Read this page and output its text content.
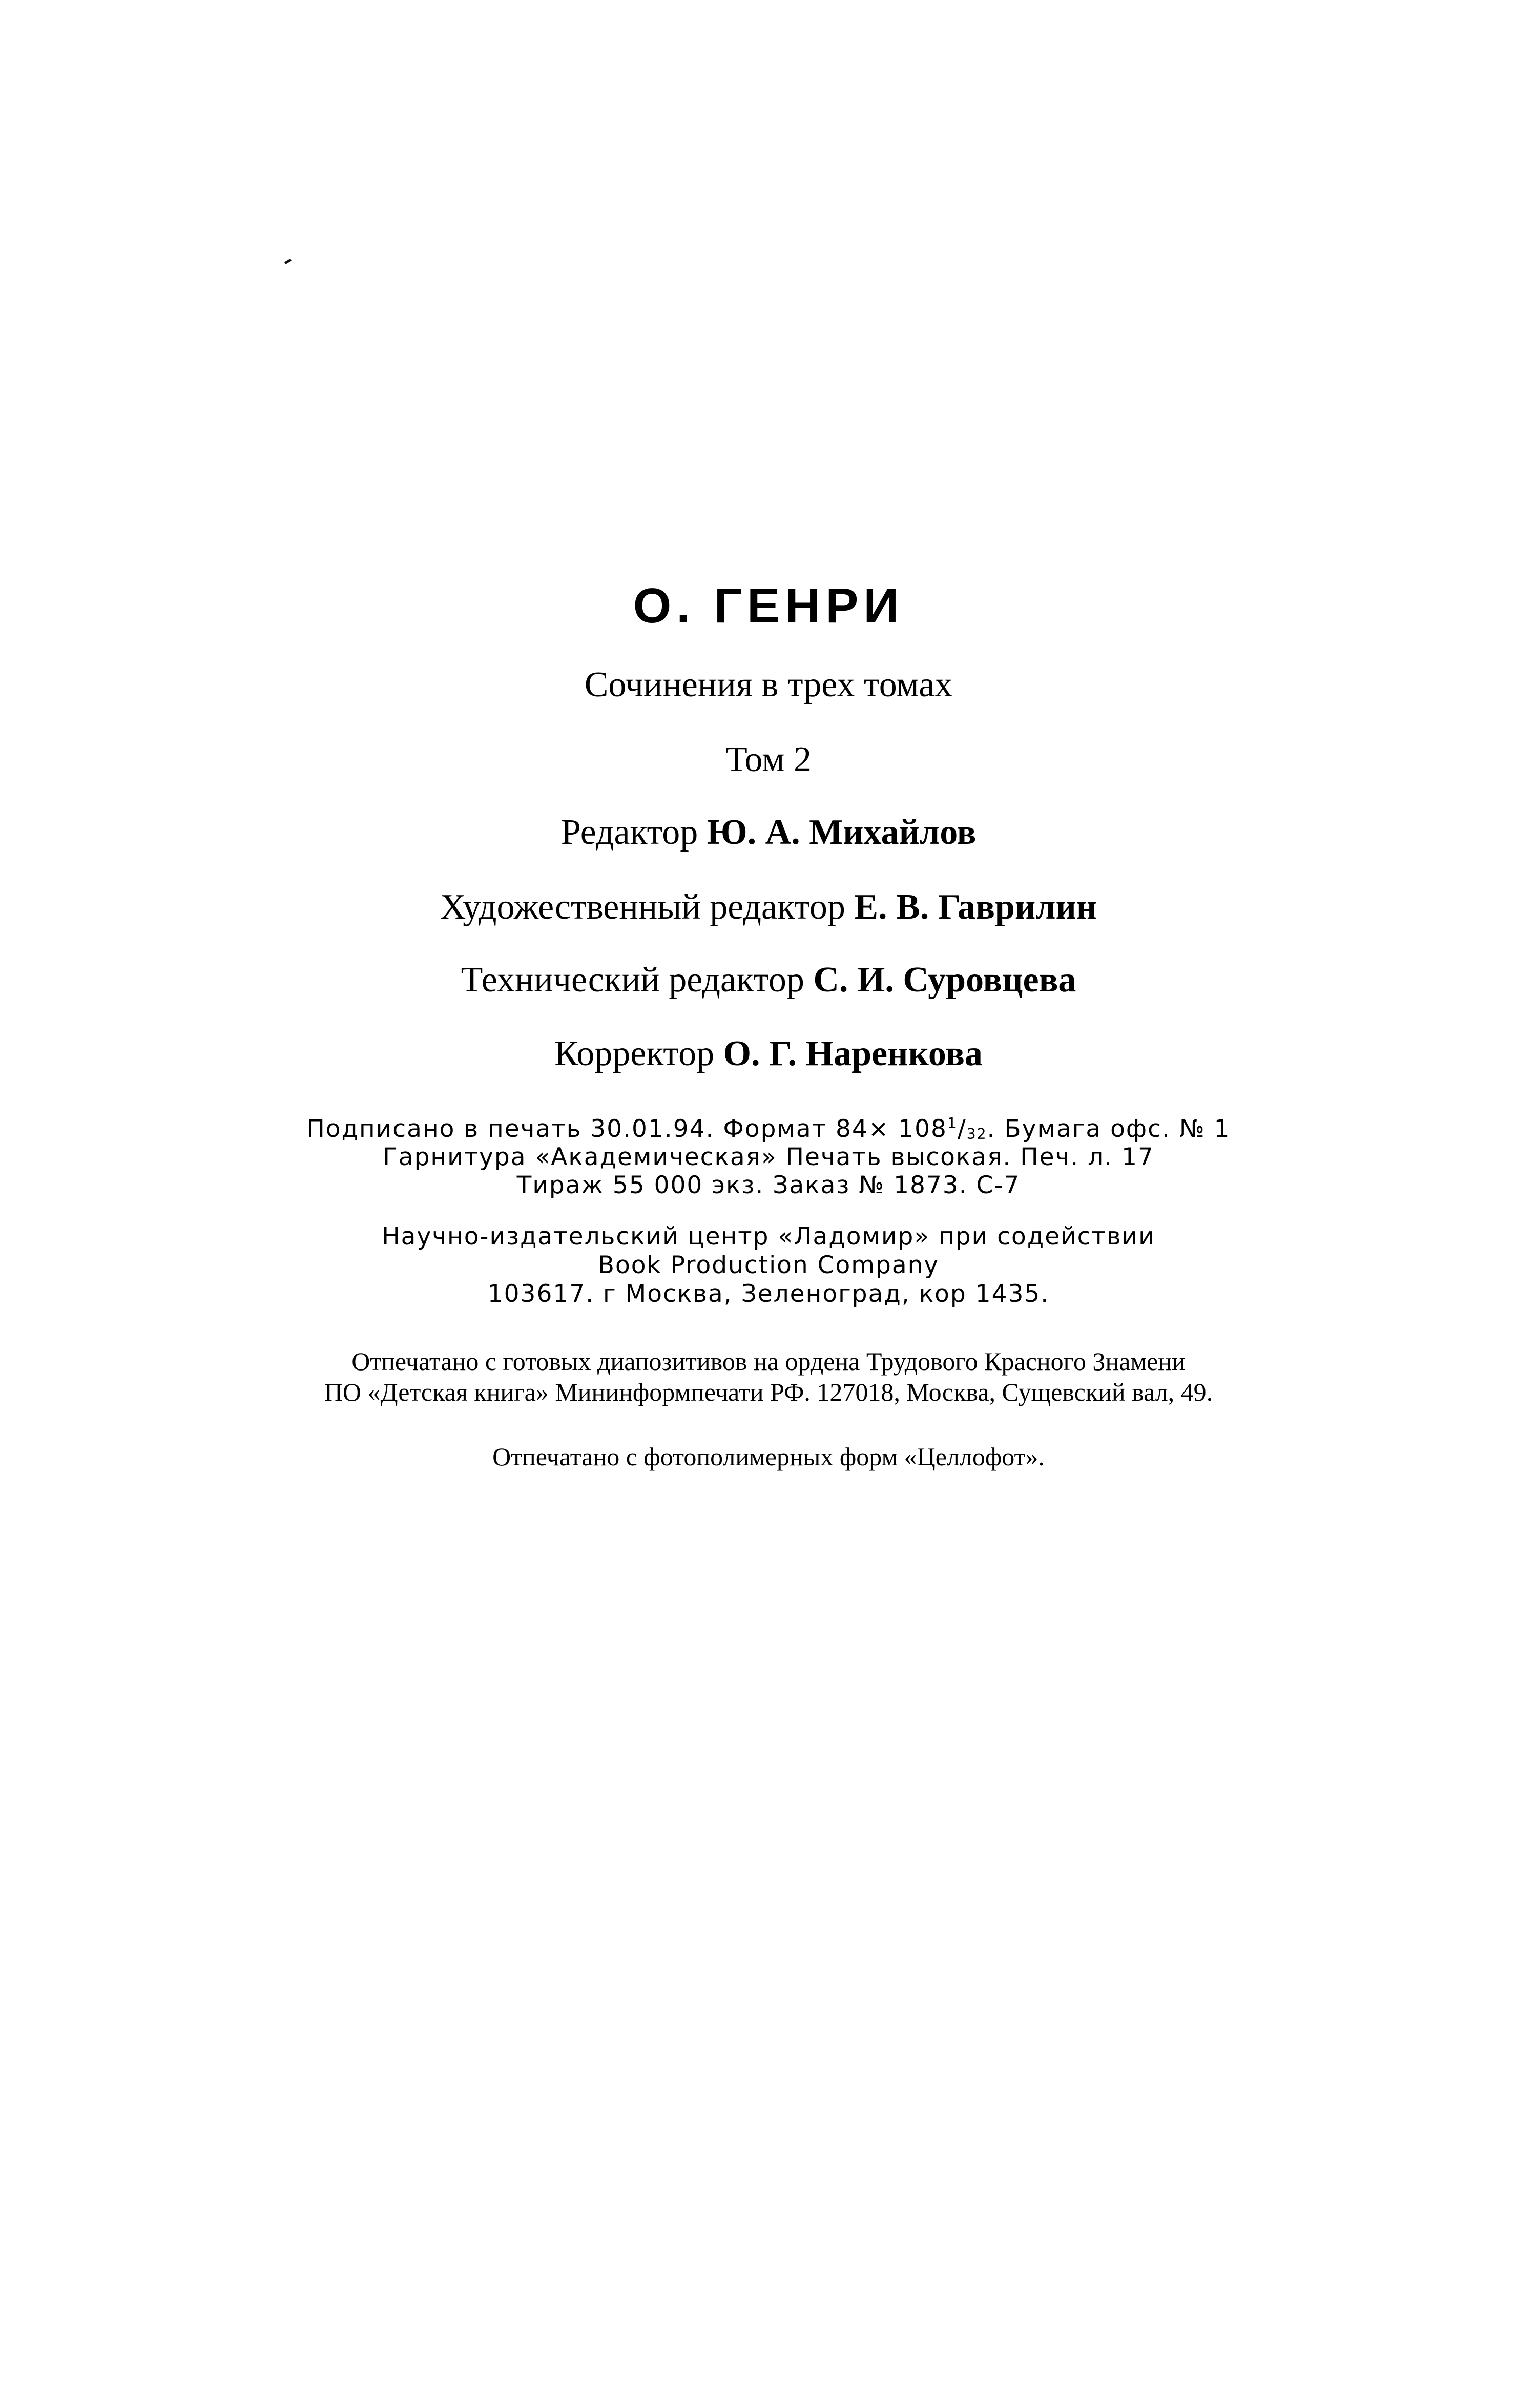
О. ГЕНРИ
Сочинения в трех томах
Том 2
Редактор Ю. А. Михайлов
Художественный редактор Е. В. Гаврилин
Технический редактор С. И. Суровцева
Корректор О. Г. Наренкова
Подписано в печать 30.01.94. Формат $84\times 108^1/_{32}$. Бумага офс. № 1
Гарнитура «Академическая» Печать высокая. Печ. л. 17
Тираж 55 000 экз. Заказ № 1873. С-7
Научно-издательский центр «Ладомир» при содействии
Book Production Company
103617. г Москва, Зеленоград, кор 1435.
Отпечатано с готовых диапозитивов на ордена Трудового Красного Знамени
ПО «Детская книга» Мининформпечати РФ. 127018, Москва, Сущевский вал, 49.
Отпечатано с фотополимерных форм «Целлофот».
